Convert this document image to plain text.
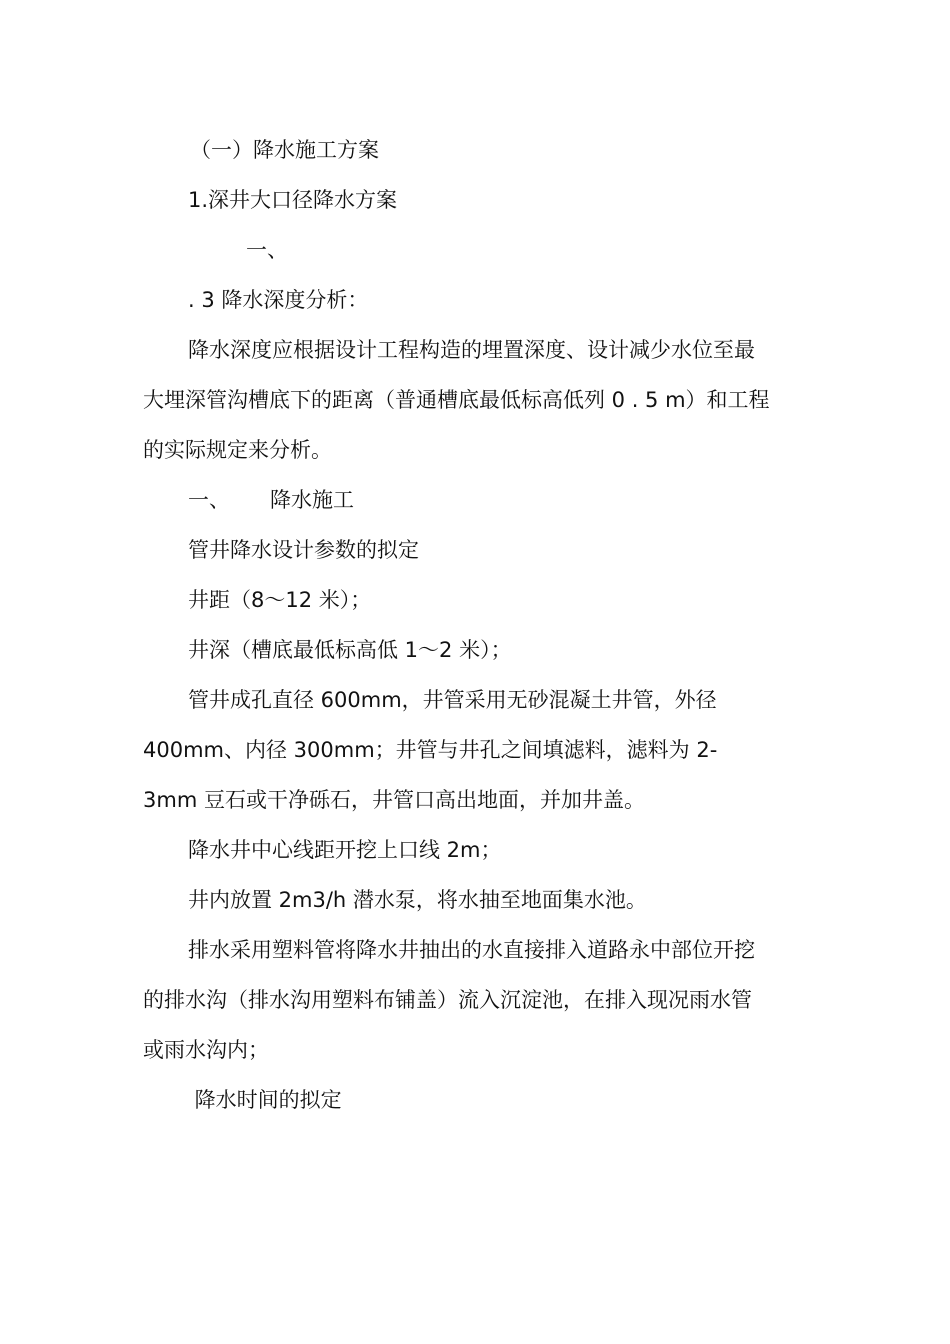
（一）降水施工方案
1.深井大口径降水方案
一、
. 3 降水深度分析：
降水深度应根据设计工程构造的埋置深度、设计减少水位至最
大埋深管沟槽底下的距离（普通槽底最低标高低列 0 . 5 m）和工程
的实际规定来分析。
一、      降水施工
管井降水设计参数的拟定
井距（8～12 米）；
井深（槽底最低标高低 1～2 米）；
管井成孔直径 600mm，井管采用无砂混凝土井管，外径
400mm、内径 300mm；井管与井孔之间填滤料，滤料为 2-
3mm 豆石或干净砾石，井管口高出地面，并加井盖。
降水井中心线距开挖上口线 2m；
井内放置 2m3/h 潜水泵，将水抽至地面集水池。
排水采用塑料管将降水井抽出的水直接排入道路永中部位开挖
的排水沟（排水沟用塑料布铺盖）流入沉淀池，在排入现况雨水管
或雨水沟内；
降水时间的拟定
